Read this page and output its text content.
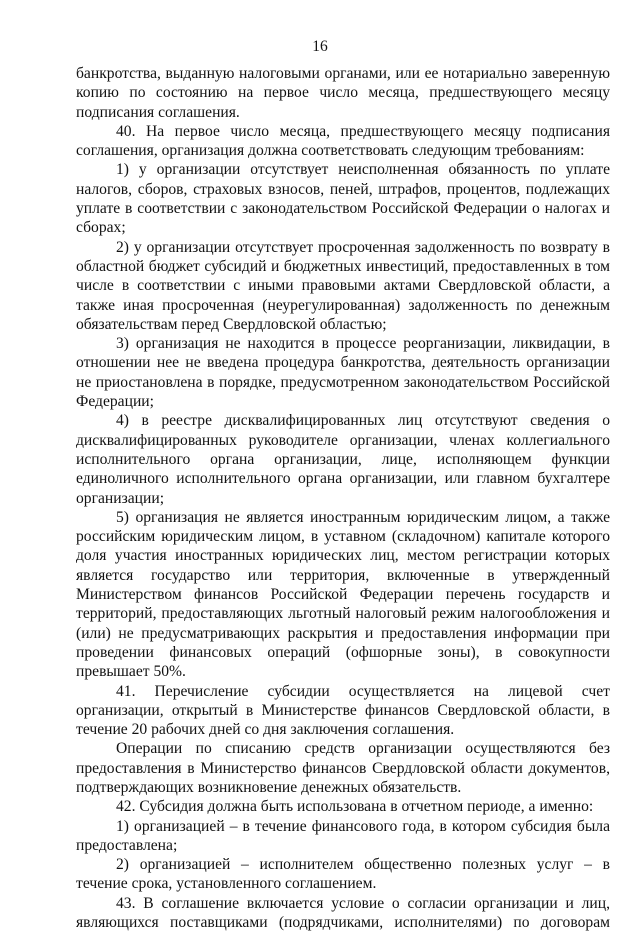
16

банкротства, выданную налоговыми органами, или ее нотариально заверенную копию по состоянию на первое число месяца, предшествующего месяцу подписания соглашения.

40. На первое число месяца, предшествующего месяцу подписания соглашения, организация должна соответствовать следующим требованиям:

1) у организации отсутствует неисполненная обязанность по уплате налогов, сборов, страховых взносов, пеней, штрафов, процентов, подлежащих уплате в соответствии с законодательством Российской Федерации о налогах и сборах;

2) у организации отсутствует просроченная задолженность по возврату в областной бюджет субсидий и бюджетных инвестиций, предоставленных в том числе в соответствии с иными правовыми актами Свердловской области, а также иная просроченная (неурегулированная) задолженность по денежным обязательствам перед Свердловской областью;

3) организация не находится в процессе реорганизации, ликвидации, в отношении нее не введена процедура банкротства, деятельность организации не приостановлена в порядке, предусмотренном законодательством Российской Федерации;

4) в реестре дисквалифицированных лиц отсутствуют сведения о дисквалифицированных руководителе организации, членах коллегиального исполнительного органа организации, лице, исполняющем функции единоличного исполнительного органа организации, или главном бухгалтере организации;

5) организация не является иностранным юридическим лицом, а также российским юридическим лицом, в уставном (складочном) капитале которого доля участия иностранных юридических лиц, местом регистрации которых является государство или территория, включенные в утвержденный Министерством финансов Российской Федерации перечень государств и территорий, предоставляющих льготный налоговый режим налогообложения и (или) не предусматривающих раскрытия и предоставления информации при проведении финансовых операций (офшорные зоны), в совокупности превышает 50%.

41. Перечисление субсидии осуществляется на лицевой счет организации, открытый в Министерстве финансов Свердловской области, в течение 20 рабочих дней со дня заключения соглашения.

Операции по списанию средств организации осуществляются без предоставления в Министерство финансов Свердловской области документов, подтверждающих возникновение денежных обязательств.

42. Субсидия должна быть использована в отчетном периоде, а именно:

1) организацией – в течение финансового года, в котором субсидия была предоставлена;

2) организацией – исполнителем общественно полезных услуг – в течение срока, установленного соглашением.

43. В соглашение включается условие о согласии организации и лиц, являющихся поставщиками (подрядчиками, исполнителями) по договорам
